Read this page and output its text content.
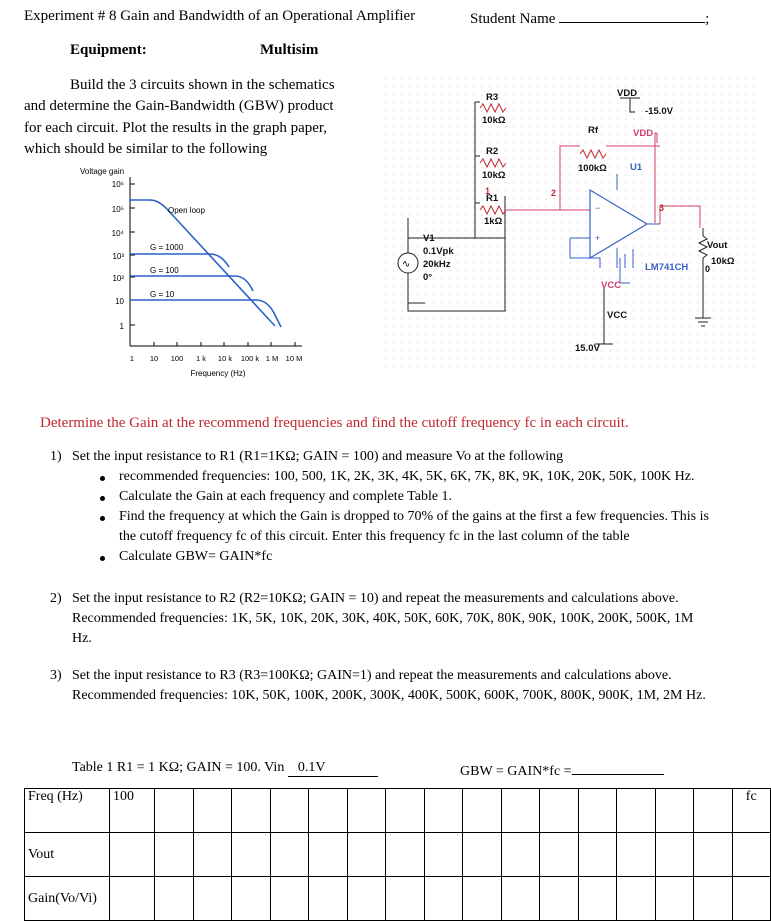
Experiment # 8 Gain and Bandwidth of an Operational Amplifier	Student Name	;
Equipment:	Multisim
Build the 3 circuits shown in the schematics
and determine the Gain-Bandwidth (GBW) product
for each circuit. Plot the results in the graph paper,
which should be similar to the following
Voltage gain
10⁶
10⁵
10⁴
10³
10²
10
1
Open loop
G = 1000
G = 100
G = 10
1 10 100 1 k 10 k 100 k 1 M 10 M
Frequency (Hz)
∿
−
+
R3
10kΩ
R2
10kΩ
R1
1kΩ
Rf
100kΩ
VDD
-15.0V
V1
0.1Vpk
20kHz
0°
Vout
10kΩ
VCC
15.0V
U1
LM741CH
VDD
VCC
1	2
3
0
Determine the Gain at the recommend frequencies and find the cutoff frequency fc in each circuit.
1) Set the input resistance to R1 (R1=1KΩ; GAIN = 100) and measure Vo at the following
recommended frequencies: 100, 500, 1K, 2K, 3K, 4K, 5K, 6K, 7K, 8K, 9K, 10K, 20K, 50K, 100K Hz.
Calculate the Gain at each frequency and complete Table 1.
Find the frequency at which the Gain is dropped to 70% of the gains at the first a few frequencies. This is
the cutoff frequency fc of this circuit. Enter this frequency fc in the last column of the table
Calculate GBW= GAIN*fc
2) Set the input resistance to R2 (R2=10KΩ; GAIN = 10) and repeat the measurements and calculations above.
Recommended frequencies: 1K, 5K, 10K, 20K, 30K, 40K, 50K, 60K, 70K, 80K, 90K, 100K, 200K, 500K, 1M
Hz.
3) Set the input resistance to R3 (R3=100KΩ; GAIN=1) and repeat the measurements and calculations above.
Recommended frequencies: 10K, 50K, 100K, 200K, 300K, 400K, 500K, 600K, 700K, 800K, 900K, 1M, 2M Hz.
Table 1 R1 = 1 KΩ; GAIN = 100. Vin 0.1V	GBW = GAIN*fc =
Freq (Hz)	100																fc
Vout																	
Gain(Vo/Vi)																	
